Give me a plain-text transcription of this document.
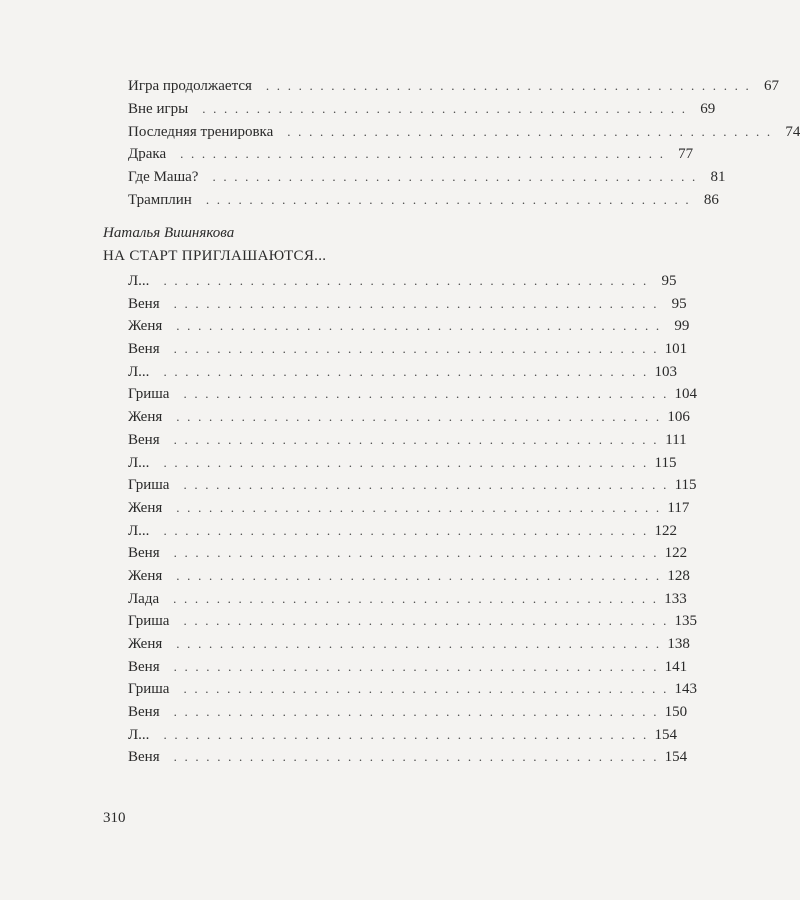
Игра продолжается . . . . . . . . . . . . . . . . . . . . . . . . . . . . . . . . . . . . . . . . . . . . . 67
Вне игры . . . . . . . . . . . . . . . . . . . . . . . . . . . . . . . . . . . . . . . . . . . . . 69
Последняя тренировка . . . . . . . . . . . . . . . . . . . . . . . . . . . . . . . . . . . . . . . . . . . . . 74
Драка . . . . . . . . . . . . . . . . . . . . . . . . . . . . . . . . . . . . . . . . . . . . . 77
Где Маша? . . . . . . . . . . . . . . . . . . . . . . . . . . . . . . . . . . . . . . . . . . . . . 81
Трамплин . . . . . . . . . . . . . . . . . . . . . . . . . . . . . . . . . . . . . . . . . . . . . 86
Наталья Вишнякова
НА СТАРТ ПРИГЛАШАЮТСЯ...
Л... . . . . . . . . . . . . . . . . . . . . . . . . . . . . . . . . . . . . . . . . . . . . . 95
Веня . . . . . . . . . . . . . . . . . . . . . . . . . . . . . . . . . . . . . . . . . . . . . 95
Женя . . . . . . . . . . . . . . . . . . . . . . . . . . . . . . . . . . . . . . . . . . . . . 99
Веня . . . . . . . . . . . . . . . . . . . . . . . . . . . . . . . . . . . . . . . . . . . . . 101
Л... . . . . . . . . . . . . . . . . . . . . . . . . . . . . . . . . . . . . . . . . . . . . . 103
Гриша . . . . . . . . . . . . . . . . . . . . . . . . . . . . . . . . . . . . . . . . . . . . . 104
Женя . . . . . . . . . . . . . . . . . . . . . . . . . . . . . . . . . . . . . . . . . . . . . 106
Веня . . . . . . . . . . . . . . . . . . . . . . . . . . . . . . . . . . . . . . . . . . . . . 111
Л... . . . . . . . . . . . . . . . . . . . . . . . . . . . . . . . . . . . . . . . . . . . . . 115
Гриша . . . . . . . . . . . . . . . . . . . . . . . . . . . . . . . . . . . . . . . . . . . . . 115
Женя . . . . . . . . . . . . . . . . . . . . . . . . . . . . . . . . . . . . . . . . . . . . . 117
Л... . . . . . . . . . . . . . . . . . . . . . . . . . . . . . . . . . . . . . . . . . . . . . 122
Веня . . . . . . . . . . . . . . . . . . . . . . . . . . . . . . . . . . . . . . . . . . . . . 122
Женя . . . . . . . . . . . . . . . . . . . . . . . . . . . . . . . . . . . . . . . . . . . . . 128
Лада . . . . . . . . . . . . . . . . . . . . . . . . . . . . . . . . . . . . . . . . . . . . . 133
Гриша . . . . . . . . . . . . . . . . . . . . . . . . . . . . . . . . . . . . . . . . . . . . . 135
Женя . . . . . . . . . . . . . . . . . . . . . . . . . . . . . . . . . . . . . . . . . . . . . 138
Веня . . . . . . . . . . . . . . . . . . . . . . . . . . . . . . . . . . . . . . . . . . . . . 141
Гриша . . . . . . . . . . . . . . . . . . . . . . . . . . . . . . . . . . . . . . . . . . . . . 143
Веня . . . . . . . . . . . . . . . . . . . . . . . . . . . . . . . . . . . . . . . . . . . . . 150
Л... . . . . . . . . . . . . . . . . . . . . . . . . . . . . . . . . . . . . . . . . . . . . . 154
Веня . . . . . . . . . . . . . . . . . . . . . . . . . . . . . . . . . . . . . . . . . . . . . 154
310
